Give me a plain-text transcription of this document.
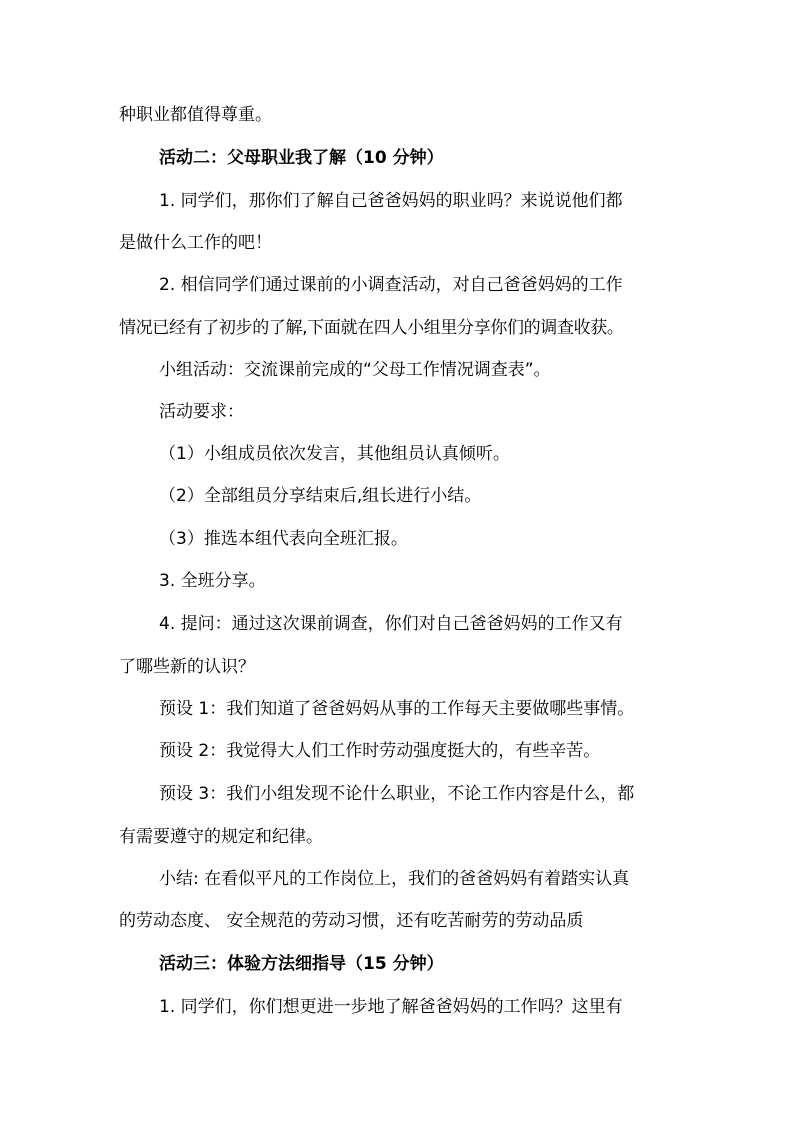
种职业都值得尊重。
活动二：父母职业我了解（10 分钟）
1. 同学们，那你们了解自己爸爸妈妈的职业吗？来说说他们都
是做什么工作的吧！
2. 相信同学们通过课前的小调查活动，对自己爸爸妈妈的工作
情况已经有了初步的了解,下面就在四人小组里分享你们的调查收获。
小组活动：交流课前完成的“父母工作情况调查表”。
活动要求：
（1）小组成员依次发言，其他组员认真倾听。
（2）全部组员分享结束后,组长进行小结。
（3）推选本组代表向全班汇报。
3. 全班分享。
4. 提问：通过这次课前调查，你们对自己爸爸妈妈的工作又有
了哪些新的认识？
预设 1：我们知道了爸爸妈妈从事的工作每天主要做哪些事情。
预设 2：我觉得大人们工作时劳动强度挺大的，有些辛苦。
预设 3：我们小组发现不论什么职业，不论工作内容是什么，都
有需要遵守的规定和纪律。
小结: 在看似平凡的工作岗位上，我们的爸爸妈妈有着踏实认真
的劳动态度、 安全规范的劳动习惯，还有吃苦耐劳的劳动品质
活动三：体验方法细指导（15 分钟）
1. 同学们，你们想更进一步地了解爸爸妈妈的工作吗？这里有
